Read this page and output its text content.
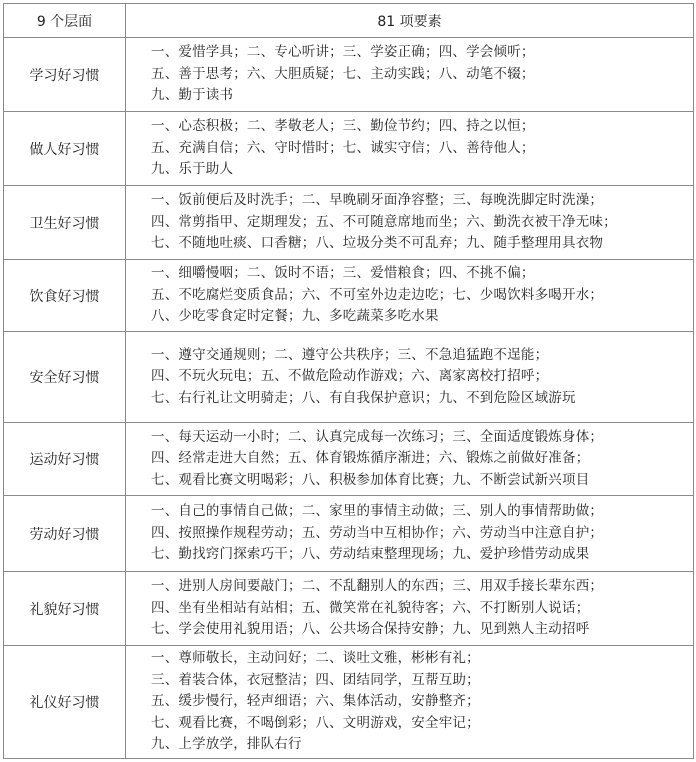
9 个层面	81 项要素
学习好习惯	一、爱惜学具；二、专心听讲；三、学姿正确；四、学会倾听；
五、善于思考；六、大胆质疑；七、主动实践；八、动笔不辍；
九、勤于读书

做人好习惯	一、心态积极；二、孝敬老人；三、勤俭节约；四、持之以恒；
五、充满自信；六、守时惜时；七、诚实守信；八、善待他人；
九、乐于助人

卫生好习惯	一、饭前便后及时洗手；二、早晚刷牙面净容整；三、每晚洗脚定时洗澡；
四、常剪指甲、定期理发；五、不可随意席地而坐；六、勤洗衣被干净无味；
七、不随地吐痰、口香糖；八、垃圾分类不可乱弃；九、随手整理用具衣物

饮食好习惯	一、细嚼慢咽；二、饭时不语；三、爱惜粮食；四、不挑不偏；
五、不吃腐烂变质食品；六、不可室外边走边吃；七、少喝饮料多喝开水；
八、少吃零食定时定餐；九、多吃蔬菜多吃水果

安全好习惯	一、遵守交通规则；二、遵守公共秩序；三、不急追猛跑不逞能；
四、不玩火玩电；五、不做危险动作游戏；六、离家离校打招呼；
七、右行礼让文明骑走；八、有自我保护意识；九、不到危险区域游玩

运动好习惯	一、每天运动一小时；二、认真完成每一次练习；三、全面适度锻炼身体；
四、经常走进大自然；五、体育锻炼循序渐进；六、锻炼之前做好准备；
七、观看比赛文明喝彩；八、积极参加体育比赛；九、不断尝试新兴项目

劳动好习惯	一、自己的事情自己做；二、家里的事情主动做；三、别人的事情帮助做；
四、按照操作规程劳动；五、劳动当中互相协作；六、劳动当中注意自护；
七、勤找窍门探索巧干；八、劳动结束整理现场；九、爱护珍惜劳动成果

礼貌好习惯	一、进别人房间要敲门；二、不乱翻别人的东西；三、用双手接长辈东西；
四、坐有坐相站有站相；五、微笑常在礼貌待客；六、不打断别人说话；
七、学会使用礼貌用语；八、公共场合保持安静；九、见到熟人主动招呼

礼仪好习惯	一、尊师敬长，主动问好；二、谈吐文雅，彬彬有礼；
三、着装合体，衣冠整洁；四、团结同学，互帮互助；
五、缓步慢行，轻声细语；六、集体活动，安静整齐；
七、观看比赛，不喝倒彩；八、文明游戏，安全牢记；
九、上学放学，排队右行
